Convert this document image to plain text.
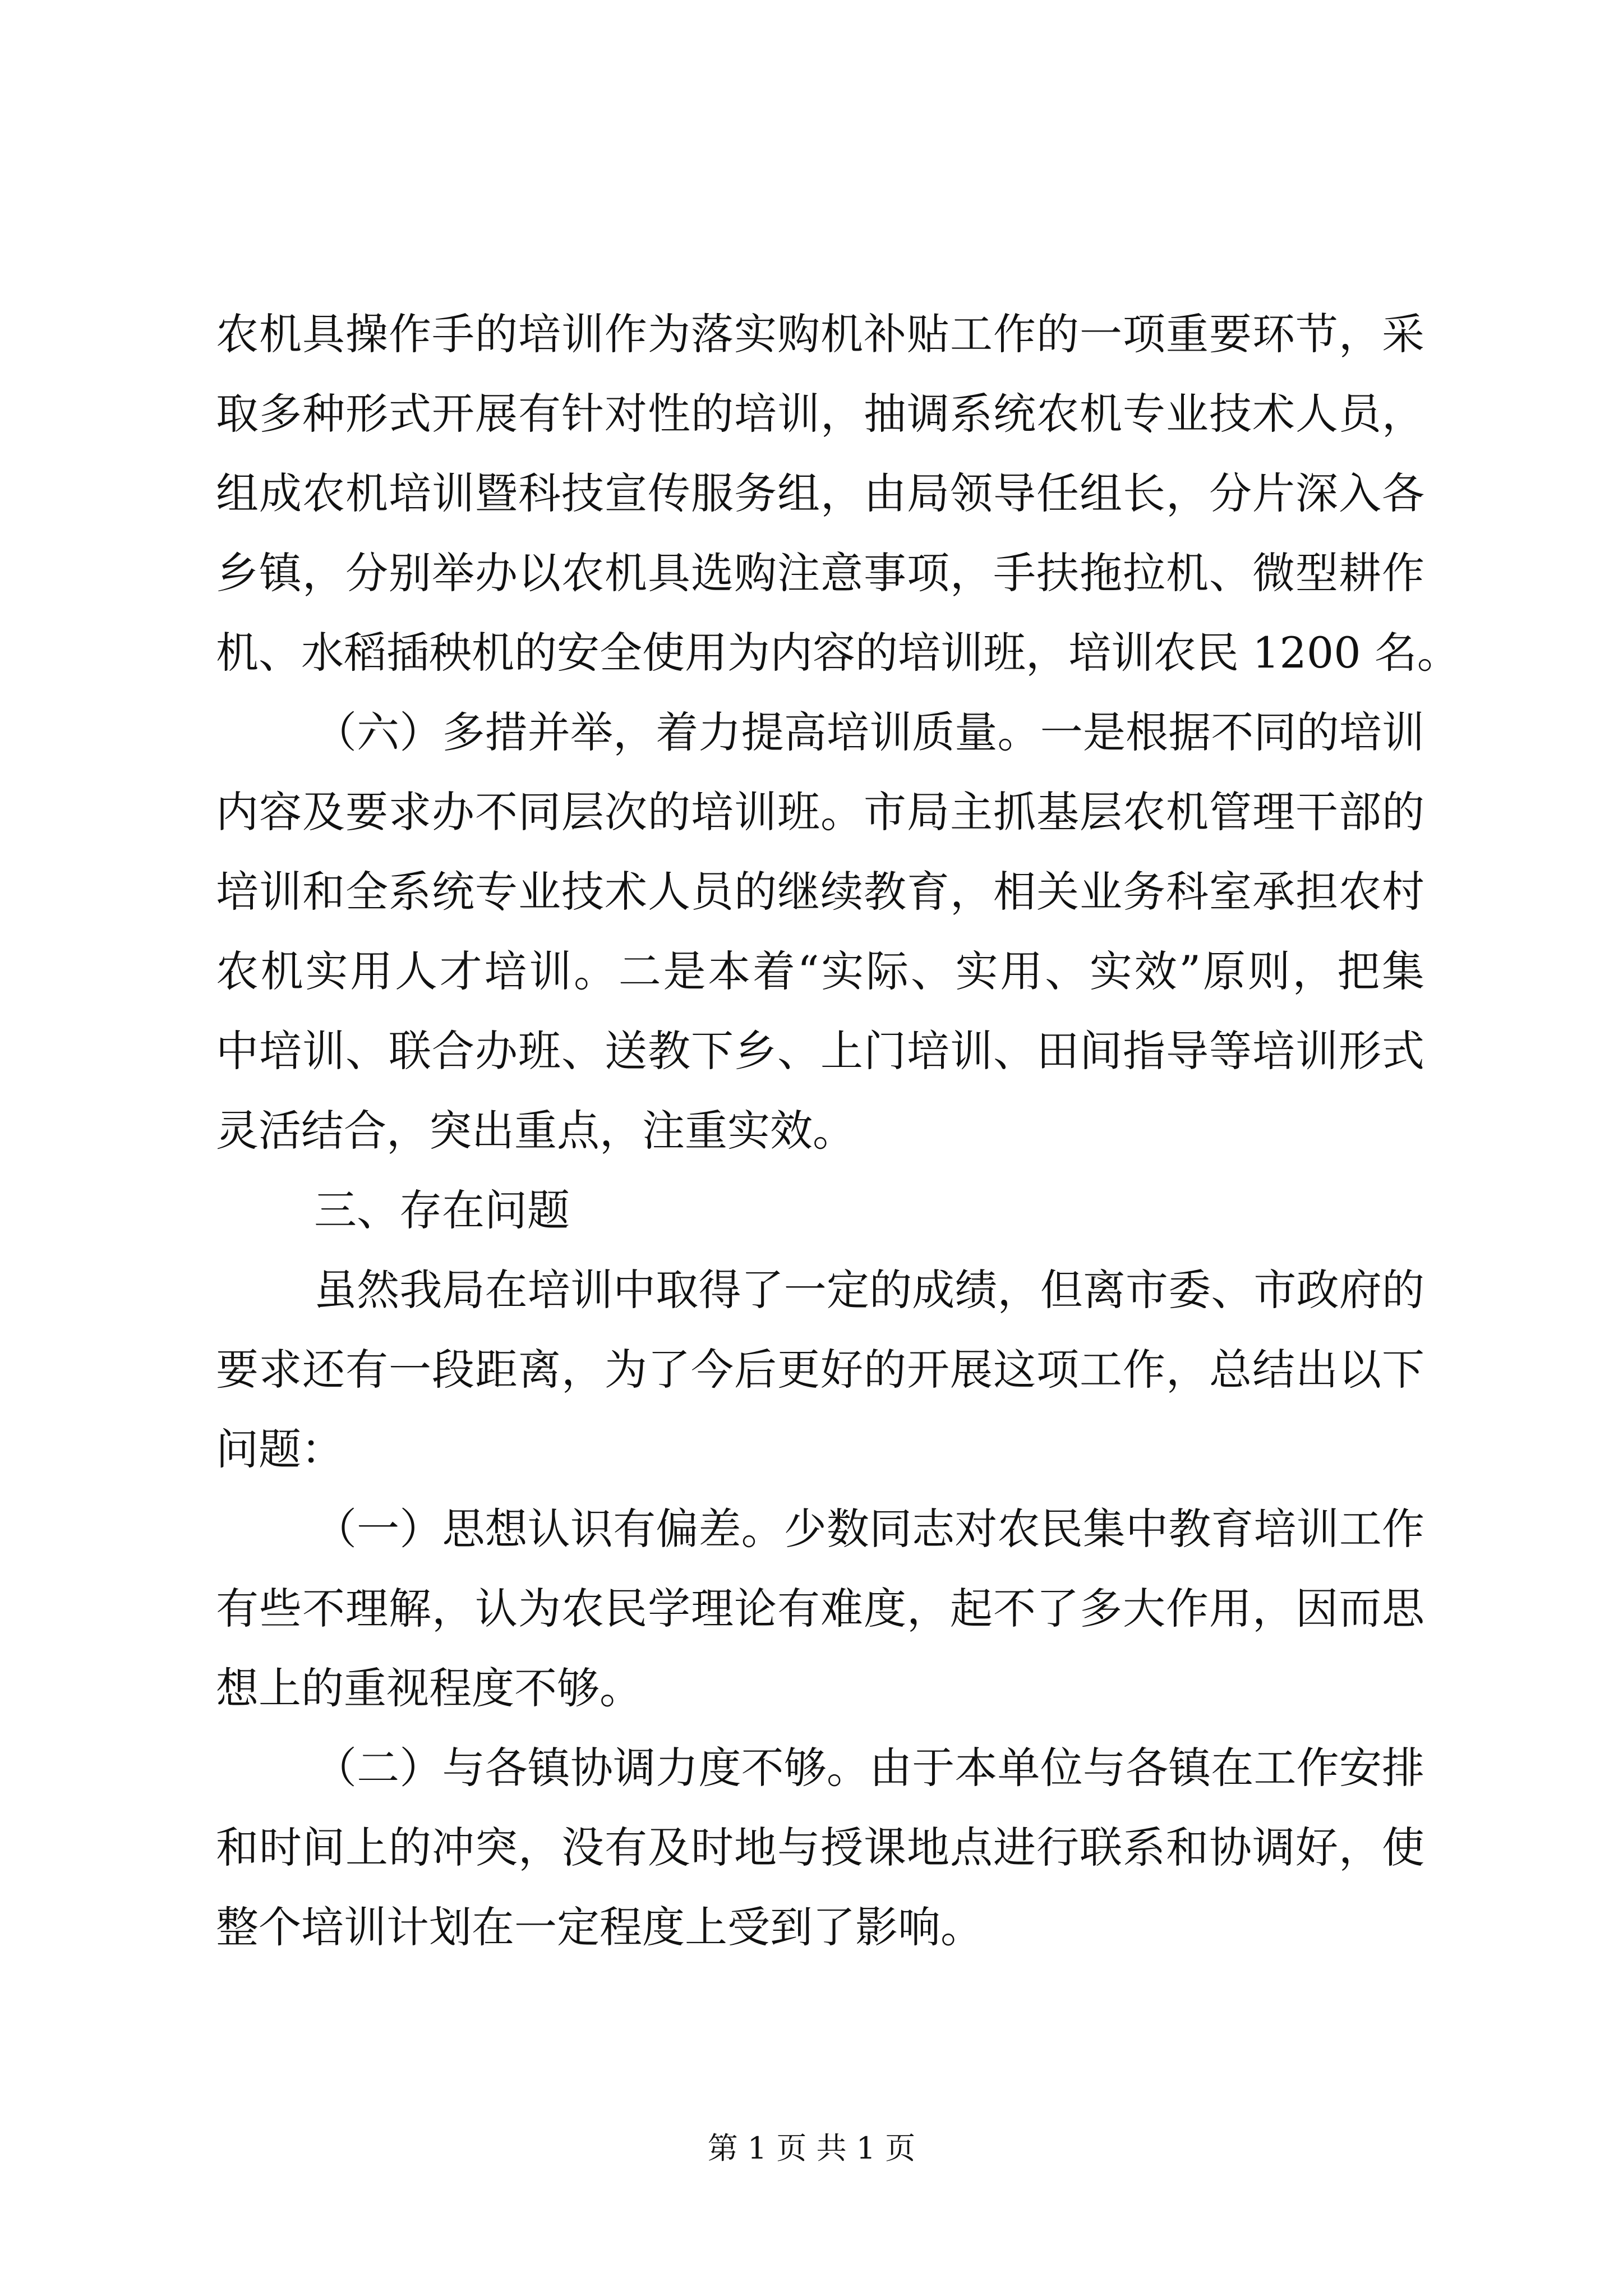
农机具操作手的培训作为落实购机补贴工作的一项重要环节，采
取多种形式开展有针对性的培训，抽调系统农机专业技术人员，
组成农机培训暨科技宣传服务组，由局领导任组长，分片深入各
乡镇，分别举办以农机具选购注意事项，手扶拖拉机、微型耕作
机、水稻插秧机的安全使用为内容的培训班，培训农民 1200 名。
（六）多措并举，着力提高培训质量。一是根据不同的培训
内容及要求办不同层次的培训班。市局主抓基层农机管理干部的
培训和全系统专业技术人员的继续教育，相关业务科室承担农村
农机实用人才培训。二是本着“实际、实用、实效”原则，把集
中培训、联合办班、送教下乡、上门培训、田间指导等培训形式
灵活结合，突出重点，注重实效。
三、存在问题
虽然我局在培训中取得了一定的成绩，但离市委、市政府的
要求还有一段距离，为了今后更好的开展这项工作，总结出以下
问题：
（一）思想认识有偏差。少数同志对农民集中教育培训工作
有些不理解，认为农民学理论有难度，起不了多大作用，因而思
想上的重视程度不够。
（二）与各镇协调力度不够。由于本单位与各镇在工作安排
和时间上的冲突，没有及时地与授课地点进行联系和协调好，使
整个培训计划在一定程度上受到了影响。
第 1 页 共 1 页
